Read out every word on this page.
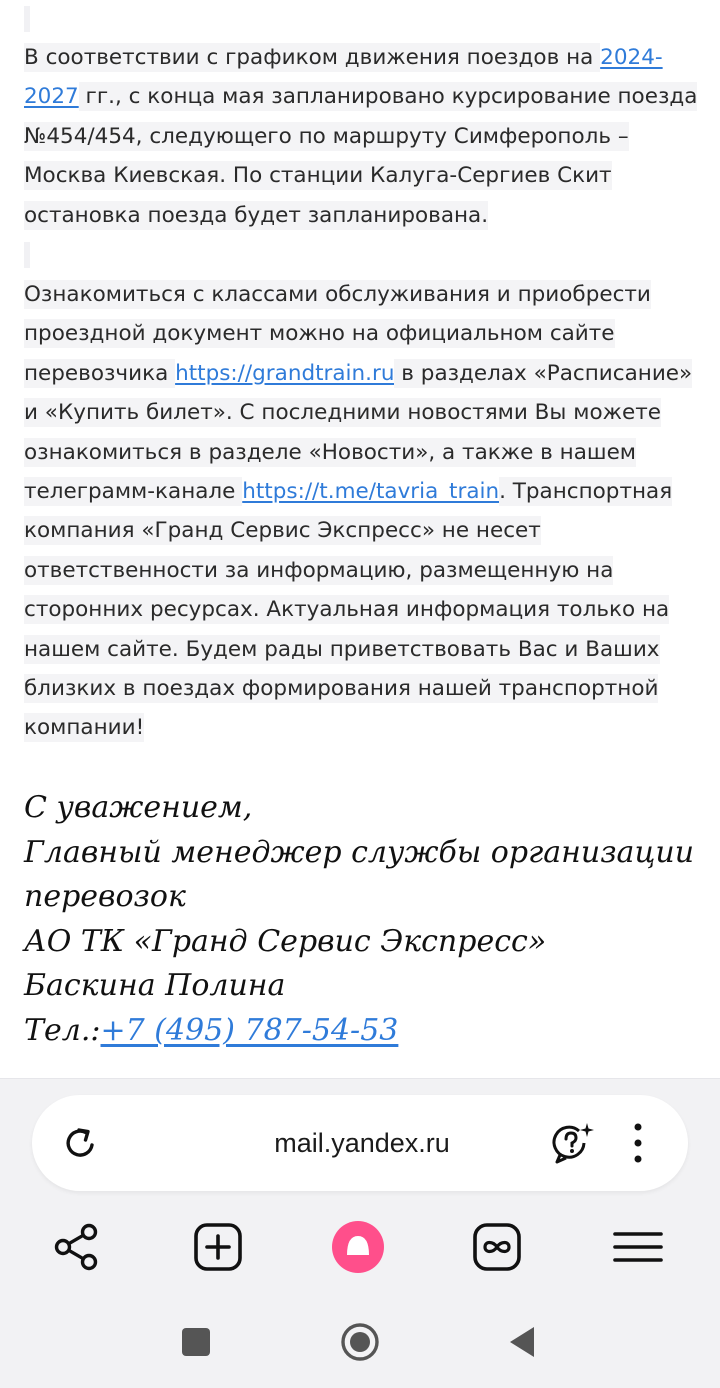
В соответствии с графиком движения поездов на 2024-2027 гг., с конца мая запланировано курсирование поезда №454/454, следующего по маршруту Симферополь – Москва Киевская. По станции Калуга-Сергиев Скит остановка поезда будет запланирована.
Ознакомиться с классами обслуживания и приобрести проездной документ можно на официальном сайте перевозчика https://grandtrain.ru в разделах «Расписание» и «Купить билет». С последними новостями Вы можете ознакомиться в разделе «Новости», а также в нашем телеграмм-канале https://t.me/tavria_train. Транспортная компания «Гранд Сервис Экспресс» не несет ответственности за информацию, размещенную на сторонних ресурсах. Актуальная информация только на нашем сайте. Будем рады приветствовать Вас и Ваших близких в поездах формирования нашей транспортной компании!
С уважением,
Главный менеджер службы организации
перевозок
АО ТК «Гранд Сервис Экспресс»
Баскина Полина
Тел.:+7 (495) 787-54-53
mail.yandex.ru
